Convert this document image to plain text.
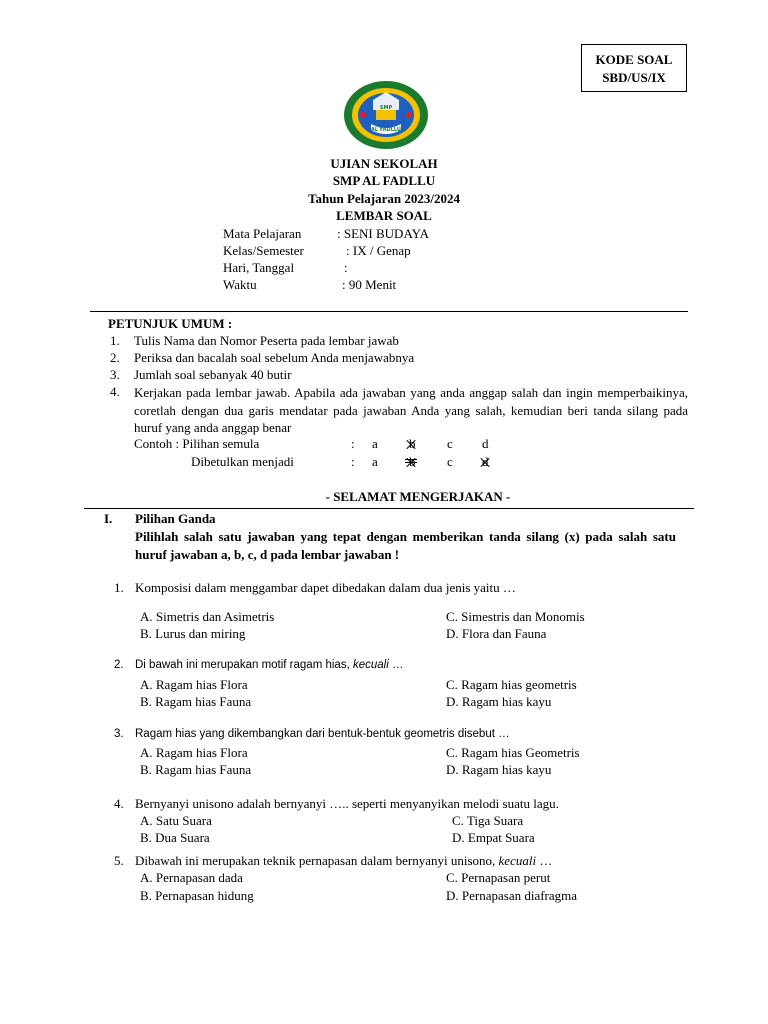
KODE SOAL
SBD/US/IX
SMP
AL FADLLU
UJIAN SEKOLAH
SMP AL FADLLU
Tahun Pelajaran 2023/2024
LEMBAR SOAL
Mata Pelajaran	: SENI BUDAYA
Kelas/Semester	: IX / Genap
Hari, Tanggal	:
Waktu	: 90 Menit
PETUNJUK UMUM :
1. Tulis Nama dan Nomor Peserta pada lembar jawab
2. Periksa dan bacalah soal sebelum Anda menjawabnya
3. Jumlah soal sebanyak 40 butir
4. Kerjakan pada lembar jawab. Apabila ada jawaban yang anda anggap salah dan ingin memperbaikinya, coretlah dengan dua garis mendatar pada jawaban Anda yang salah, kemudian beri tanda silang pada huruf yang anda anggap benar
Contoh : Pilihan semula	: a b c d
Dibetulkan menjadi	: a b c d
- SELAMAT MENGERJAKAN -
I. Pilihan Ganda
Pilihlah salah satu jawaban yang tepat dengan memberikan tanda silang (x) pada salah satu huruf jawaban a, b, c, d pada lembar jawaban !
1. Komposisi dalam menggambar dapet dibedakan dalam dua jenis yaitu …
A. Simetris dan Asimetris
B. Lurus dan miring
C. Simestris dan Monomis
D. Flora dan Fauna
2. Di bawah ini merupakan motif ragam hias, kecuali …
A. Ragam hias Flora
B. Ragam hias Fauna
C. Ragam hias geometris
D. Ragam hias kayu
3. Ragam hias yang dikembangkan dari bentuk-bentuk geometris disebut …
A. Ragam hias Flora
B. Ragam hias Fauna
C. Ragam hias Geometris
D. Ragam hias kayu
4. Bernyanyi unisono adalah bernyanyi ….. seperti menyanyikan melodi suatu lagu.
A. Satu Suara
B. Dua Suara
C. Tiga Suara
D. Empat Suara
5. Dibawah ini merupakan teknik pernapasan dalam bernyanyi unisono, kecuali …
A. Pernapasan dada
B. Pernapasan hidung
C. Pernapasan perut
D. Pernapasan diafragma
